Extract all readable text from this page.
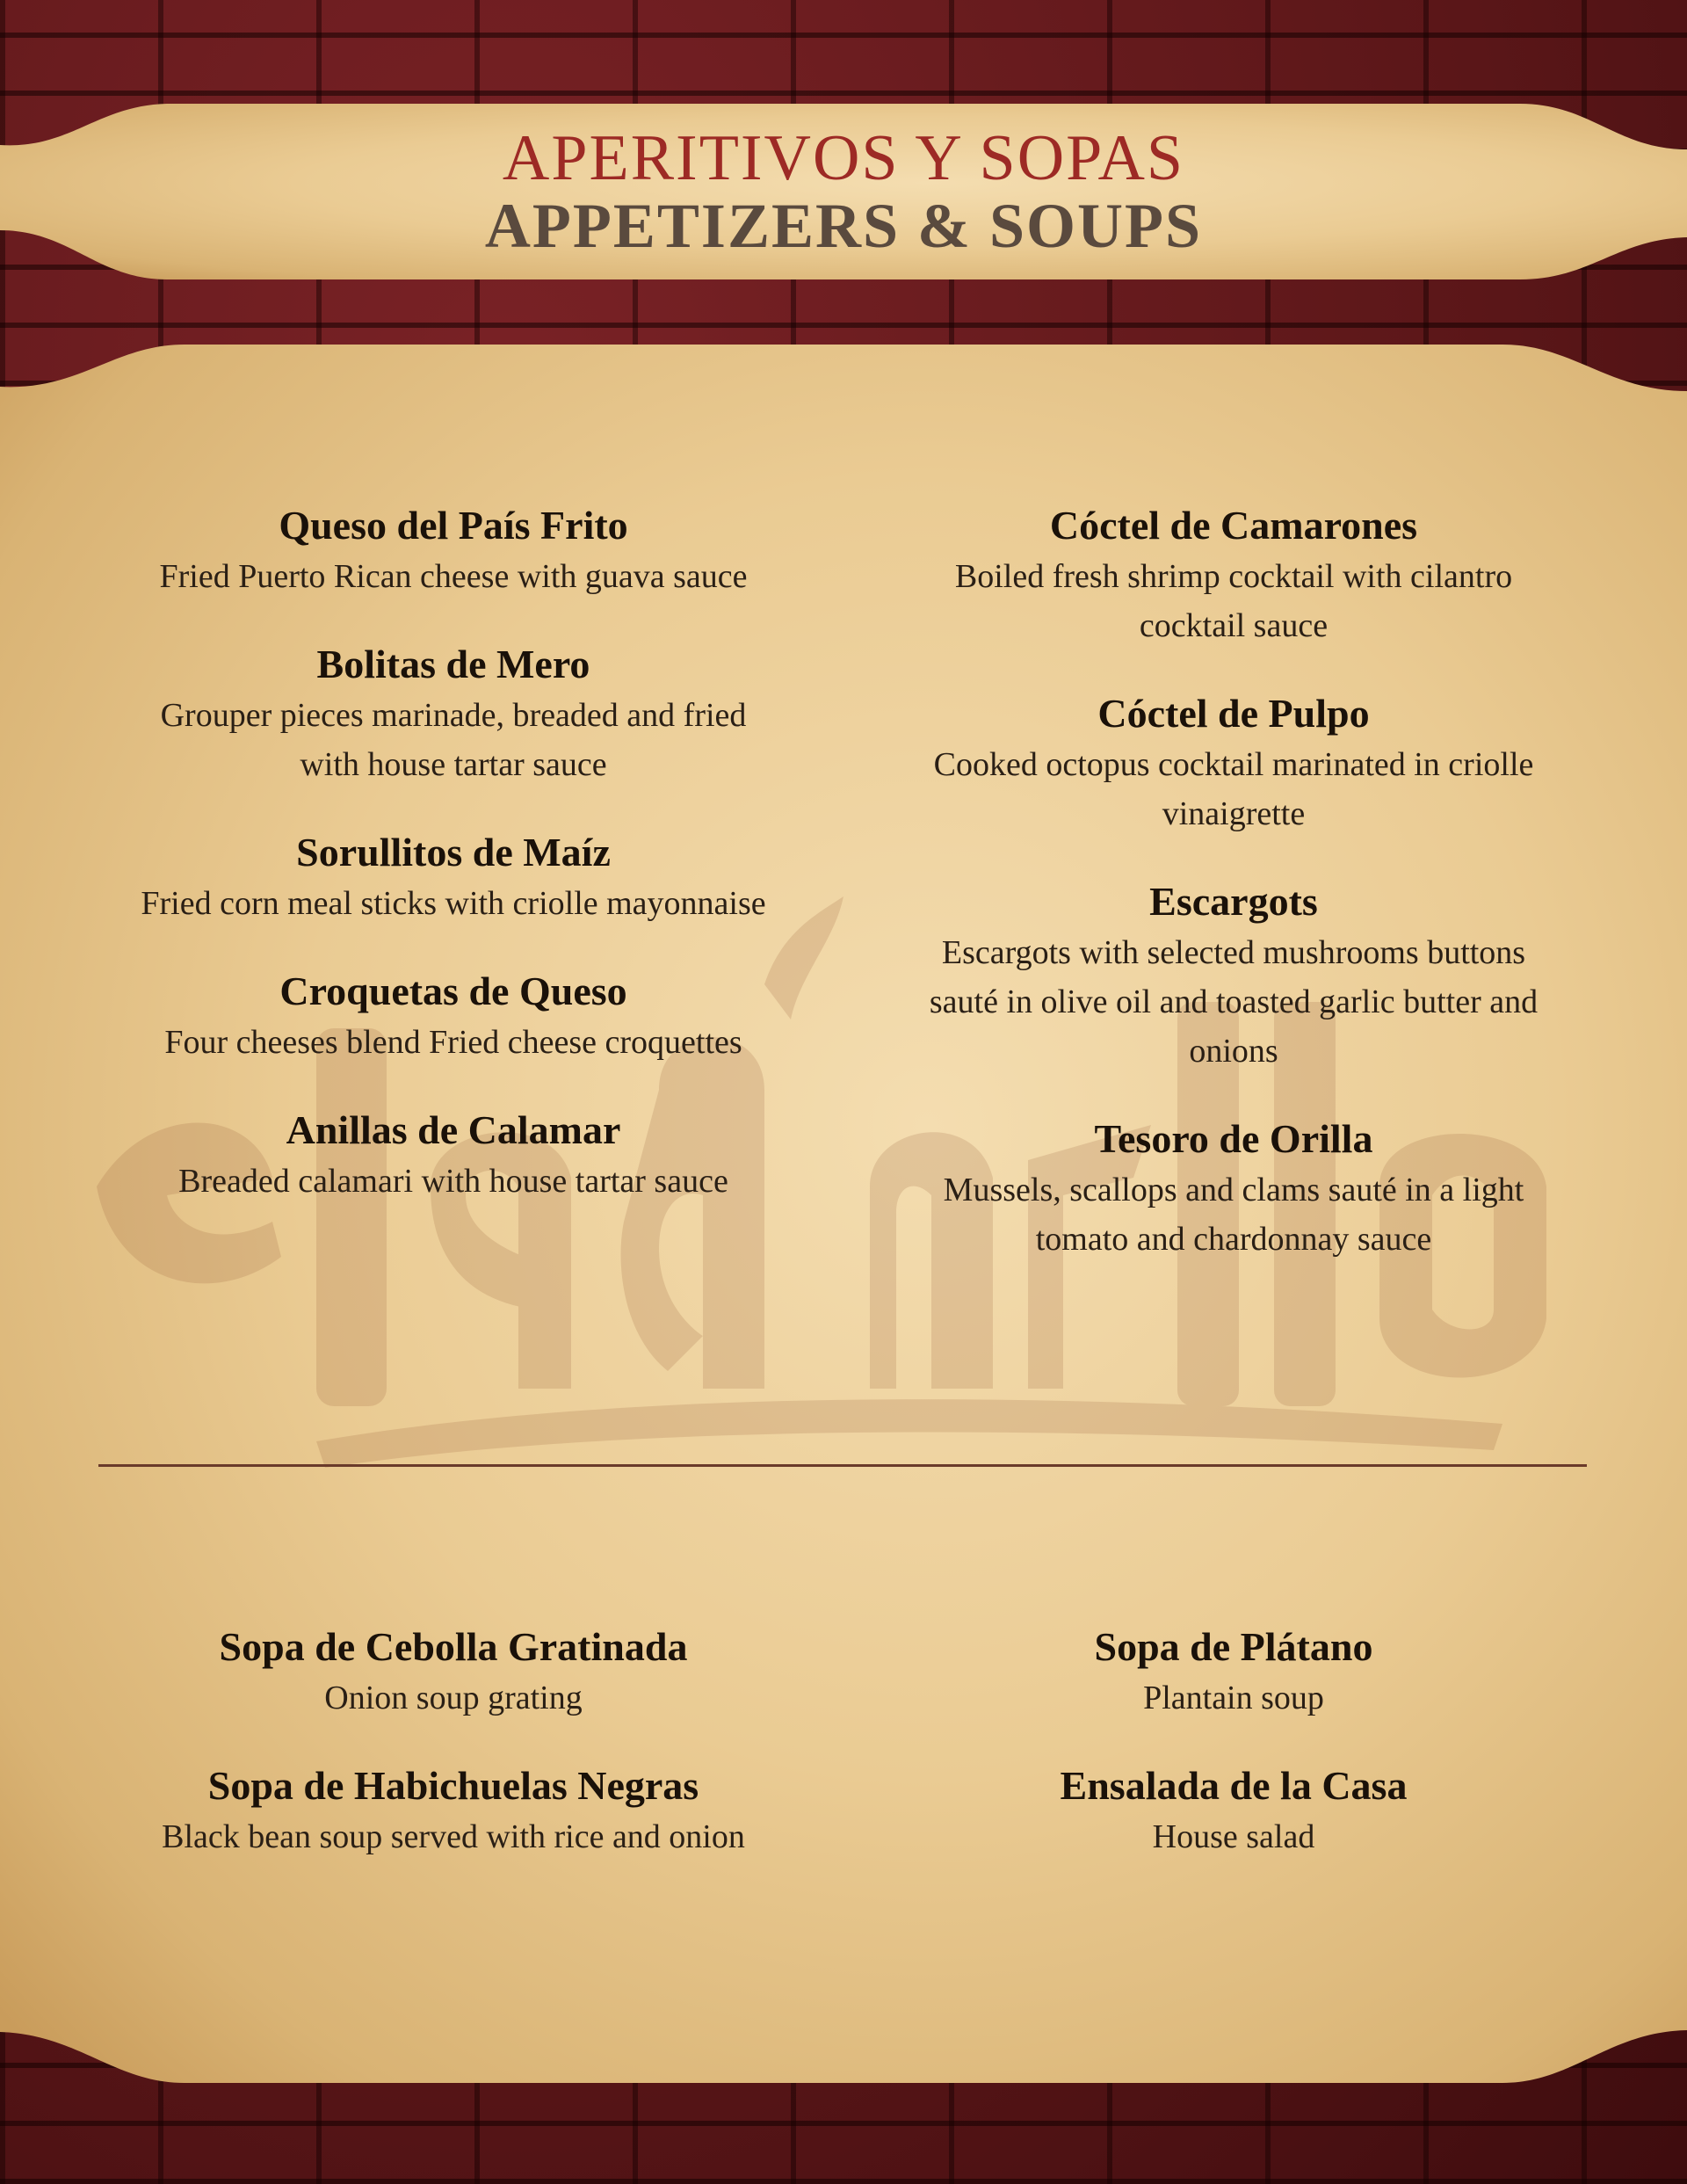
APERITIVOS Y SOPAS
APPETIZERS & SOUPS
Queso del País Frito
Fried Puerto Rican cheese with guava sauce
Bolitas de Mero
Grouper pieces marinade, breaded and fried
with house tartar sauce
Sorullitos de Maíz
Fried corn meal sticks with criolle mayonnaise
Croquetas de Queso
Four cheeses blend Fried cheese croquettes
Anillas de Calamar
Breaded calamari with house tartar sauce
Cóctel de Camarones
Boiled fresh shrimp cocktail with cilantro
cocktail sauce
Cóctel de Pulpo
Cooked octopus cocktail marinated in criolle
vinaigrette
Escargots
Escargots with selected mushrooms buttons
sauté in olive oil and toasted garlic butter and
onions
Tesoro de Orilla
Mussels, scallops and clams sauté in a light
tomato and chardonnay sauce
Sopa de Cebolla Gratinada
Onion soup grating
Sopa de Habichuelas Negras
Black bean soup served with rice and onion
Sopa de Plátano
Plantain soup
Ensalada de la Casa
House salad
